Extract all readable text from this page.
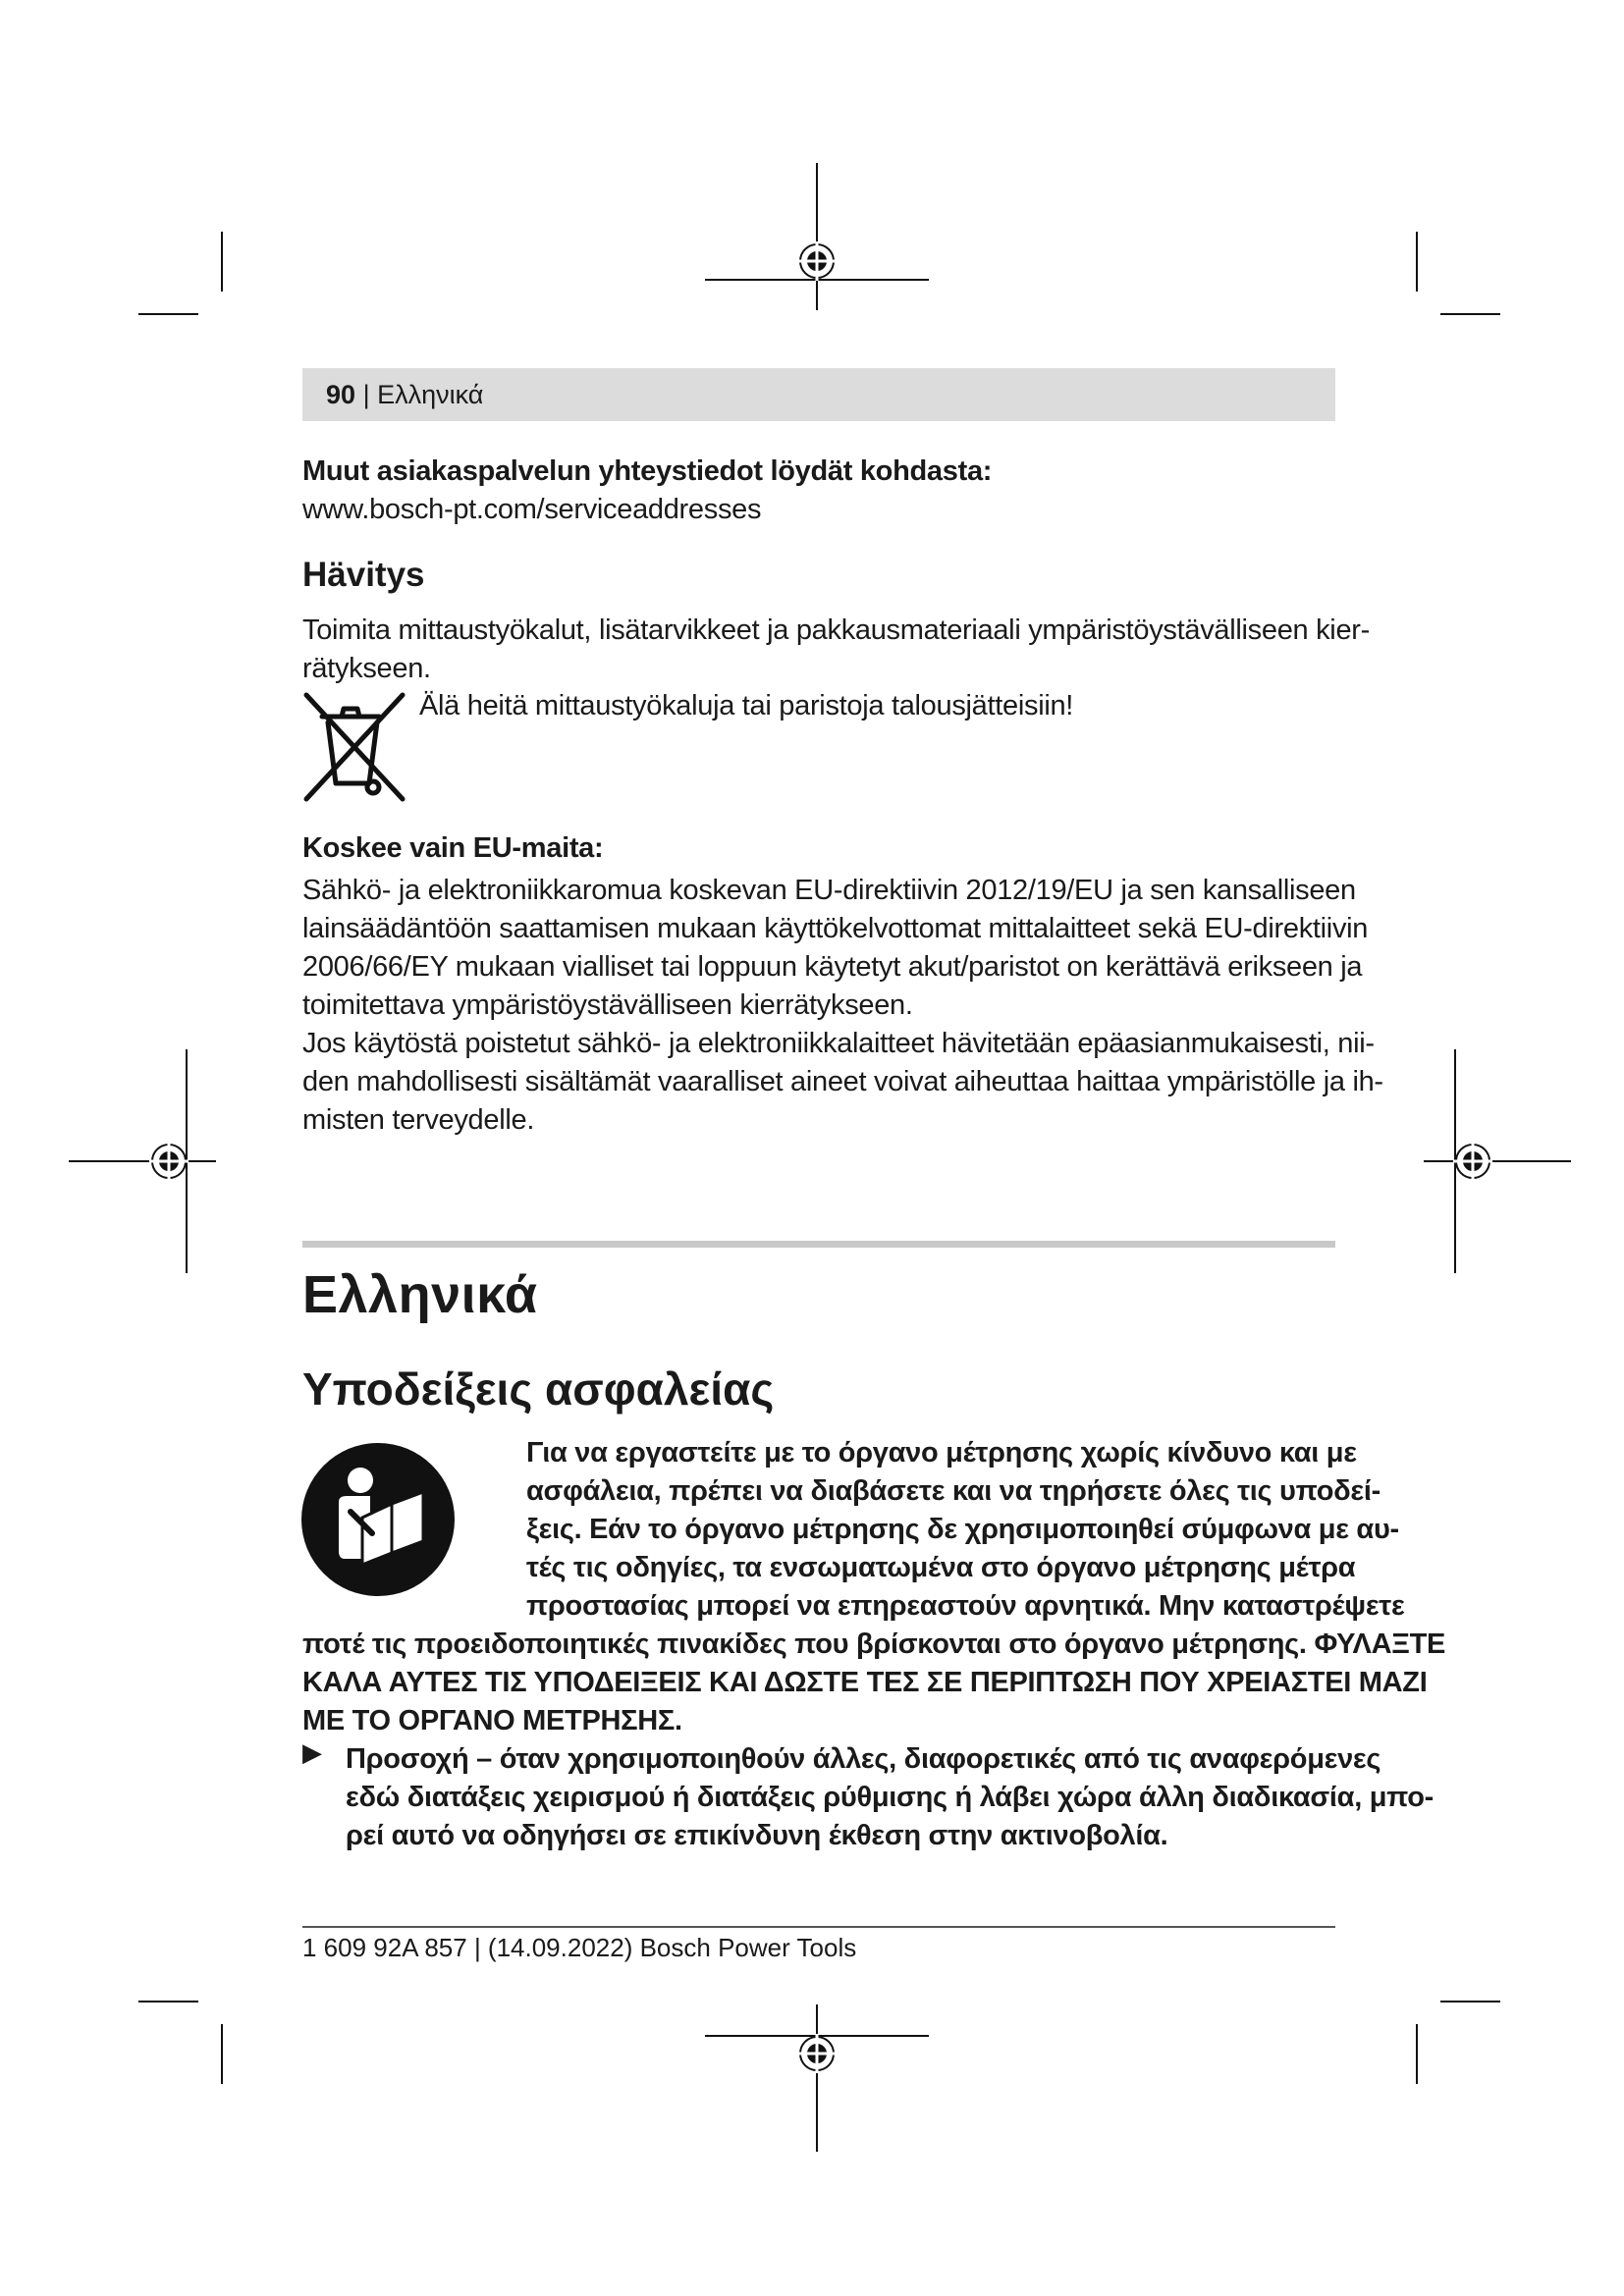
90 | Ελληνικά
Muut asiakaspalvelun yhteystiedot löydät kohdasta:
www.bosch-pt.com/serviceaddresses
Hävitys
Toimita mittaustyökalut, lisätarvikkeet ja pakkausmateriaali ympäristöystävälliseen kier-
rätykseen.
Älä heitä mittaustyökaluja tai paristoja talousjätteisiin!
Koskee vain EU-maita:
Sähkö- ja elektroniikkaromua koskevan EU-direktiivin 2012/19/EU ja sen kansalliseen
lainsäädäntöön saattamisen mukaan käyttökelvottomat mittalaitteet sekä EU-direktiivin
2006/66/EY mukaan vialliset tai loppuun käytetyt akut/paristot on kerättävä erikseen ja
toimitettava ympäristöystävälliseen kierrätykseen.
Jos käytöstä poistetut sähkö- ja elektroniikkalaitteet hävitetään epäasianmukaisesti, nii-
den mahdollisesti sisältämät vaaralliset aineet voivat aiheuttaa haittaa ympäristölle ja ih-
misten terveydelle.
Ελληνικά
Υποδείξεις ασφαλείας
Για να εργαστείτε με το όργανο μέτρησης χωρίς κίνδυνο και με
ασφάλεια, πρέπει να διαβάσετε και να τηρήσετε όλες τις υποδεί-
ξεις. Εάν το όργανο μέτρησης δε χρησιμοποιηθεί σύμφωνα με αυ-
τές τις οδηγίες, τα ενσωματωμένα στο όργανο μέτρησης μέτρα
προστασίας μπορεί να επηρεαστούν αρνητικά. Μην καταστρέψετε
ποτέ τις προειδοποιητικές πινακίδες που βρίσκονται στο όργανο μέτρησης. ΦΥΛΑΞΤΕ
ΚΑΛΑ ΑΥΤΕΣ ΤΙΣ ΥΠΟΔΕΙΞΕΙΣ ΚΑΙ ΔΩΣΤΕ ΤΕΣ ΣΕ ΠΕΡΙΠΤΩΣΗ ΠΟΥ ΧΡΕΙΑΣΤΕΙ ΜΑΖΙ
ΜΕ ΤΟ ΟΡΓΑΝΟ ΜΕΤΡΗΣΗΣ.
▶ Προσοχή – όταν χρησιμοποιηθούν άλλες, διαφορετικές από τις αναφερόμενες
εδώ διατάξεις χειρισμού ή διατάξεις ρύθμισης ή λάβει χώρα άλλη διαδικασία, μπο-
ρεί αυτό να οδηγήσει σε επικίνδυνη έκθεση στην ακτινοβολία.
1 609 92A 857 | (14.09.2022) Bosch Power Tools
